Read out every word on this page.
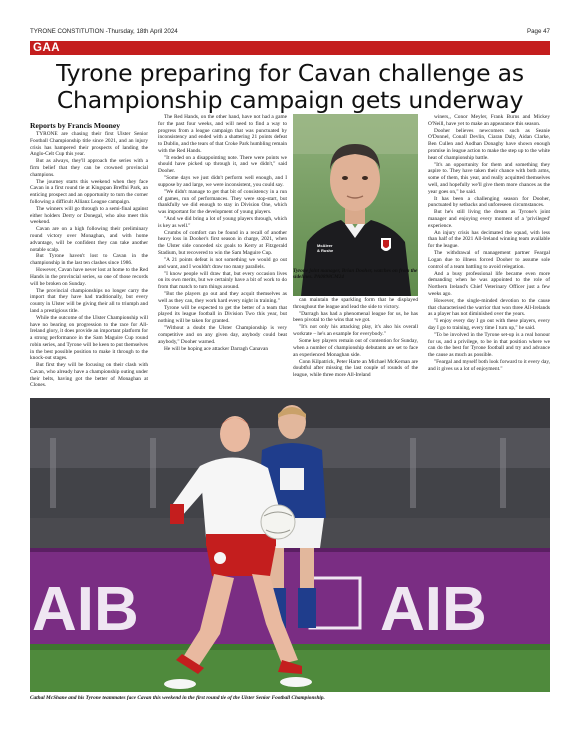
TYRONE CONSTITUTION -Thursday, 18th April 2024	Page 47
GAA
Tyrone preparing for Cavan challenge as
Championship campaign gets underway
Reports by Francis Mooney

TYRONE are chasing their first Ulster Senior Football Championship title since 2021, and an injury crisis has hampered their prospects of landing the Anglo-Celt Cup this year.

But as always, they'll approach the series with a firm belief that they can be crowned provincial champions.

The journey starts this weekend when they face Cavan in a first round tie at Kingspan Breffni Park, an enticing prospect and an opportunity to turn the corner following a difficult Allianz League campaign.

The winners will go through to a semi-final against either holders Derry or Donegal, who also meet this weekend.

Cavan are on a high following their preliminary round victory over Monaghan, and with home advantage, will be confident they can take another notable scalp.

But Tyrone haven't lost to Cavan in the championship in the last ten clashes since 1986.

However, Cavan have never lost at home to the Red Hands in the provincial series, so one of those records will be broken on Sunday.

The provincial championships no longer carry the import that they have had traditionally, but every county in Ulster will be giving their all to triumph and land a prestigious title.

While the outcome of the Ulster Championship will have no bearing on progression to the race for All-Ireland glory, it does provide an important platform for a strong performance in the Sam Maguire Cup round robin series, and Tyrone will be keen to put themselves in the best possible position to make it through to the knock-out stages.

But first they will be focusing on their clash with Cavan, who already have a championship outing under their belts, having got the better of Monaghan at Clones.

The Red Hands, on the other hand, have not had a game for the past four weeks, and will need to find a way to progress from a league campaign that was punctuated by inconsistency and ended with a shattering 21 points defeat to Dublin, and the tears of that Croke Park humbling remain with the Red Hands.

"It ended on a disappointing note. There were points we should have picked up through it, and we didn't," said Dooher.

"Some days we just didn't perform well enough, and I suppose by and large, we were inconsistent, you could say.

"We didn't manage to get that bit of consistency in a run of games, run of performances. They were stop-start, but thankfully we did enough to stay in Division One, which was important for the development of young players.

"And we did bring a lot of young players through, which is key as well."

Crumbs of comfort can be found in a recall of another heavy loss in Dooher's first season in charge, 2021, when the Ulster side conceded six goals to Kerry at Fitzgerald Stadium, but recovered to win the Sam Maguire Cup.

"A 21 points defeat is not something we would go out and want, and I wouldn't draw too many parallels.

"I know people will draw that, but every occasion lives on its own merits, but we certainly have a bit of work to do from that match to turn things around.

"But the players go out and they acquit themselves as well as they can, they work hard every night in training."

Tyrone will be expected to get the better of a team that played its league football in Division Two this year, but nothing will be taken for granted.

"Without a doubt the Ulster Championship is very competitive and on any given day, anybody could beat anybody," Dooher warned.

He will be hoping ace attacker Darragh Canavan

McAleer
& Rushe
Tyrone joint manager, Brian Dooher, watches on from the sidelines. PA0898CM24

can maintain the sparkling form that he displayed throughout the league and lead the side to victory.

"Darragh has had a phenomenal league for us, he has been pivotal to the wins that we got.

"It's not only his attacking play, it's also his overall workrate – he's an example for everybody."

Some key players remain out of contention for Sunday, when a number of championship debutants are set to face an experienced Monaghan side.

Conn Kilpatrick, Peter Harte an Michael McKernan are doubtful after missing the last couple of rounds of the league, while three more All-Ireland

winers,, Conor Meyler, Frank Burns and Mickey O'Neill, have yet to make an appearance this season.

Dooher believes newcomers such as Seanie O'Donnel, Conall Devlin, Ciaran Daly, Aidan Clarke, Ben Cullen and Aodhan Donaghy have shown enough promise in league action to make the step up to the white heat of championship battle.

"It's an opportunity for them and something they aspire to. They have taken their chance with both arms, some of them, this year, and really acquitted themselves well, and hopefully we'll give them more chances as the year goes on," he said.

It has been a challenging season for Dooher, punctuated by setbacks and unforeseen circumstances.

But he's still living the dream as Tyrone's joint manager and enjoying every moment of a 'privileged' experience.

An injury crisis has decimated the squad, with less than half of the 2021 All-Ireland winning team available for the league.

The withdrawal of management partner Feargal Logan due to illness forced Dooher to assume sole control of a team battling to avoid relegation.

And a busy professional life became even more demanding when he was appointed to the role of Northern Ireland's Chief Veterinary Officer just a few weeks ago.

However, the single-minded devotion to the cause that characterised the warrior that won three All-Irelands as a player has not diminished over the years.

"I enjoy every day I go out with these players, every day I go to training, every time I turn up," he said.

"To be involved in the Tyrone set-up is a real honour for us, and a privilege, to be in that position where we can do the best for Tyrone football and try and advance the cause as much as possible.

"Feargal and myself both look forward to it every day, and it gives us a lot of enjoyment."

AIB	AIB
Cathal McShane and his Tyrone teammates face Cavan this weekend in the first round tie of the Ulster Senior Football Championship.
